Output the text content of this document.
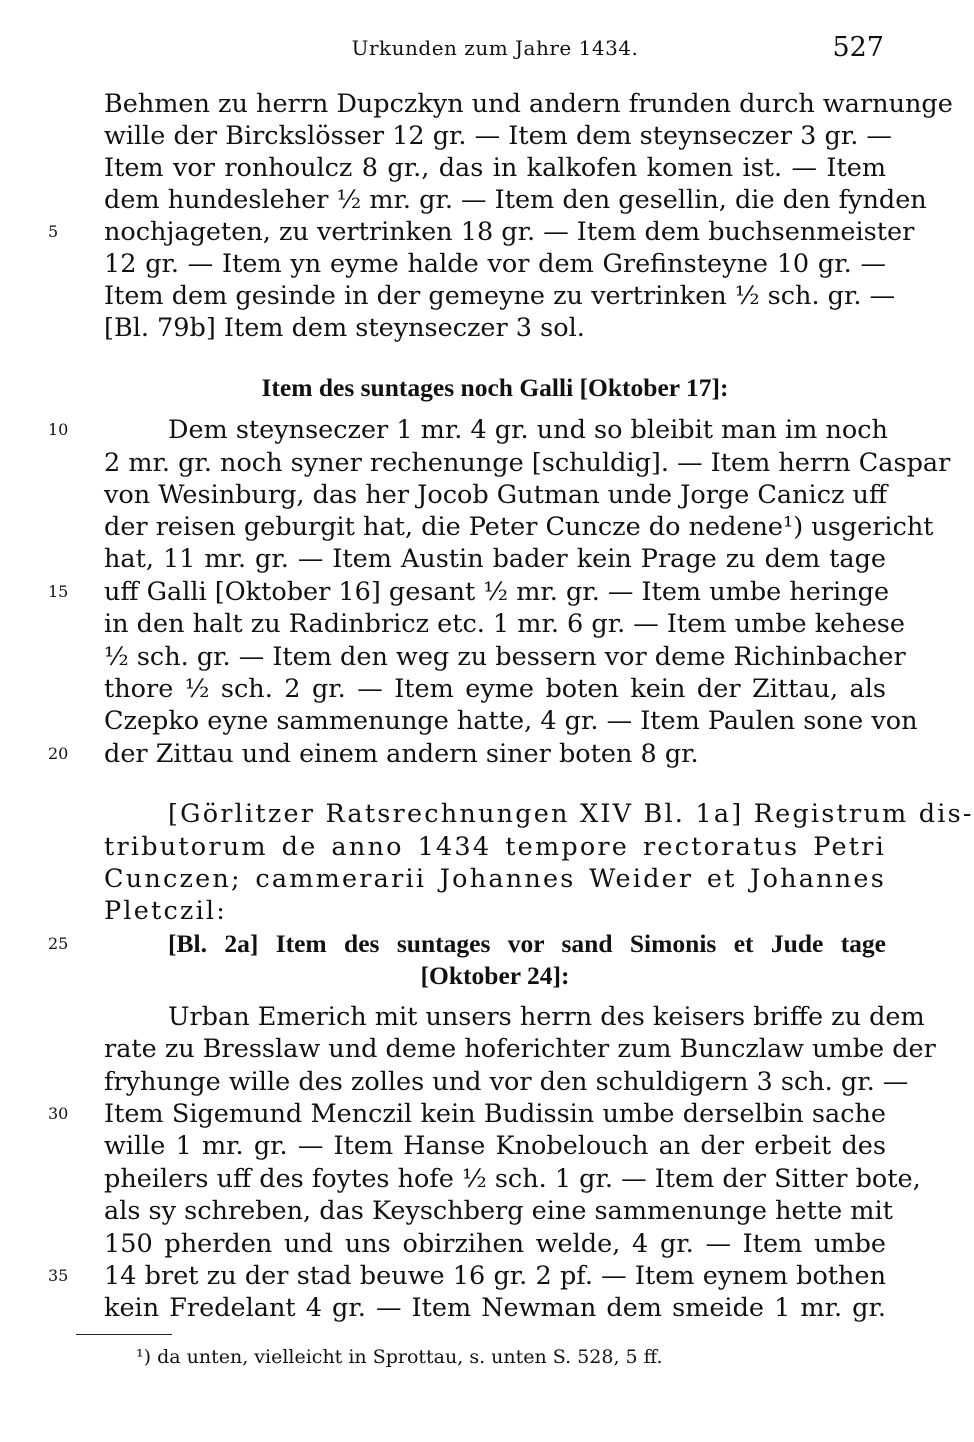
Urkunden zum Jahre 1434.	527
Behmen zu herrn Dupczkyn und andern frunden durch warnunge
wille der Birckslösser 12 gr. — Item dem steynseczer 3 gr. —
Item vor ronhoulcz 8 gr., das in kalkofen komen ist. — Item
dem hundesleher ½ mr. gr. — Item den gesellin, die den fynden
nochjageten, zu vertrinken 18 gr. — Item dem buchsenmeister
12 gr. — Item yn eyme halde vor dem Grefinsteyne 10 gr. —
Item dem gesinde in der gemeyne zu vertrinken ½ sch. gr. —
[Bl. 79b] Item dem steynseczer 3 sol.
Item des suntages noch Galli [Oktober 17]:
Dem steynseczer 1 mr. 4 gr. und so bleibit man im noch
2 mr. gr. noch syner rechenunge [schuldig]. — Item herrn Caspar
von Wesinburg, das her Jocob Gutman unde Jorge Canicz uff
der reisen geburgit hat, die Peter Cuncze do nedene¹) usgericht
hat, 11 mr. gr. — Item Austin bader kein Prage zu dem tage
uff Galli [Oktober 16] gesant ½ mr. gr. — Item umbe heringe
in den halt zu Radinbricz etc. 1 mr. 6 gr. — Item umbe kehese
½ sch. gr. — Item den weg zu bessern vor deme Richinbacher
thore ½ sch. 2 gr. — Item eyme boten kein der Zittau, als
Czepko eyne sammenunge hatte, 4 gr. — Item Paulen sone von
der Zittau und einem andern siner boten 8 gr.
[Görlitzer Ratsrechnungen XIV Bl. 1a] Registrum dis-
tributorum de anno 1434 tempore rectoratus Petri
Cunczen; cammerarii Johannes Weider et Johannes
Pletczil:
[Bl. 2a] Item des suntages vor sand Simonis et Jude tage
[Oktober 24]:
Urban Emerich mit unsers herrn des keisers briffe zu dem
rate zu Bresslaw und deme hoferichter zum Bunczlaw umbe der
fryhunge wille des zolles und vor den schuldigern 3 sch. gr. —
Item Sigemund Menczil kein Budissin umbe derselbin sache
wille 1 mr. gr. — Item Hanse Knobelouch an der erbeit des
pheilers uff des foytes hofe ½ sch. 1 gr. — Item der Sitter bote,
als sy schreben, das Keyschberg eine sammenunge hette mit
150 pherden und uns obirzihen welde, 4 gr. — Item umbe
14 bret zu der stad beuwe 16 gr. 2 pf. — Item eynem bothen
kein Fredelant 4 gr. — Item Newman dem smeide 1 mr. gr.
5
10
15
20
25
30
35
¹) da unten, vielleicht in Sprottau, s. unten S. 528, 5 ff.
